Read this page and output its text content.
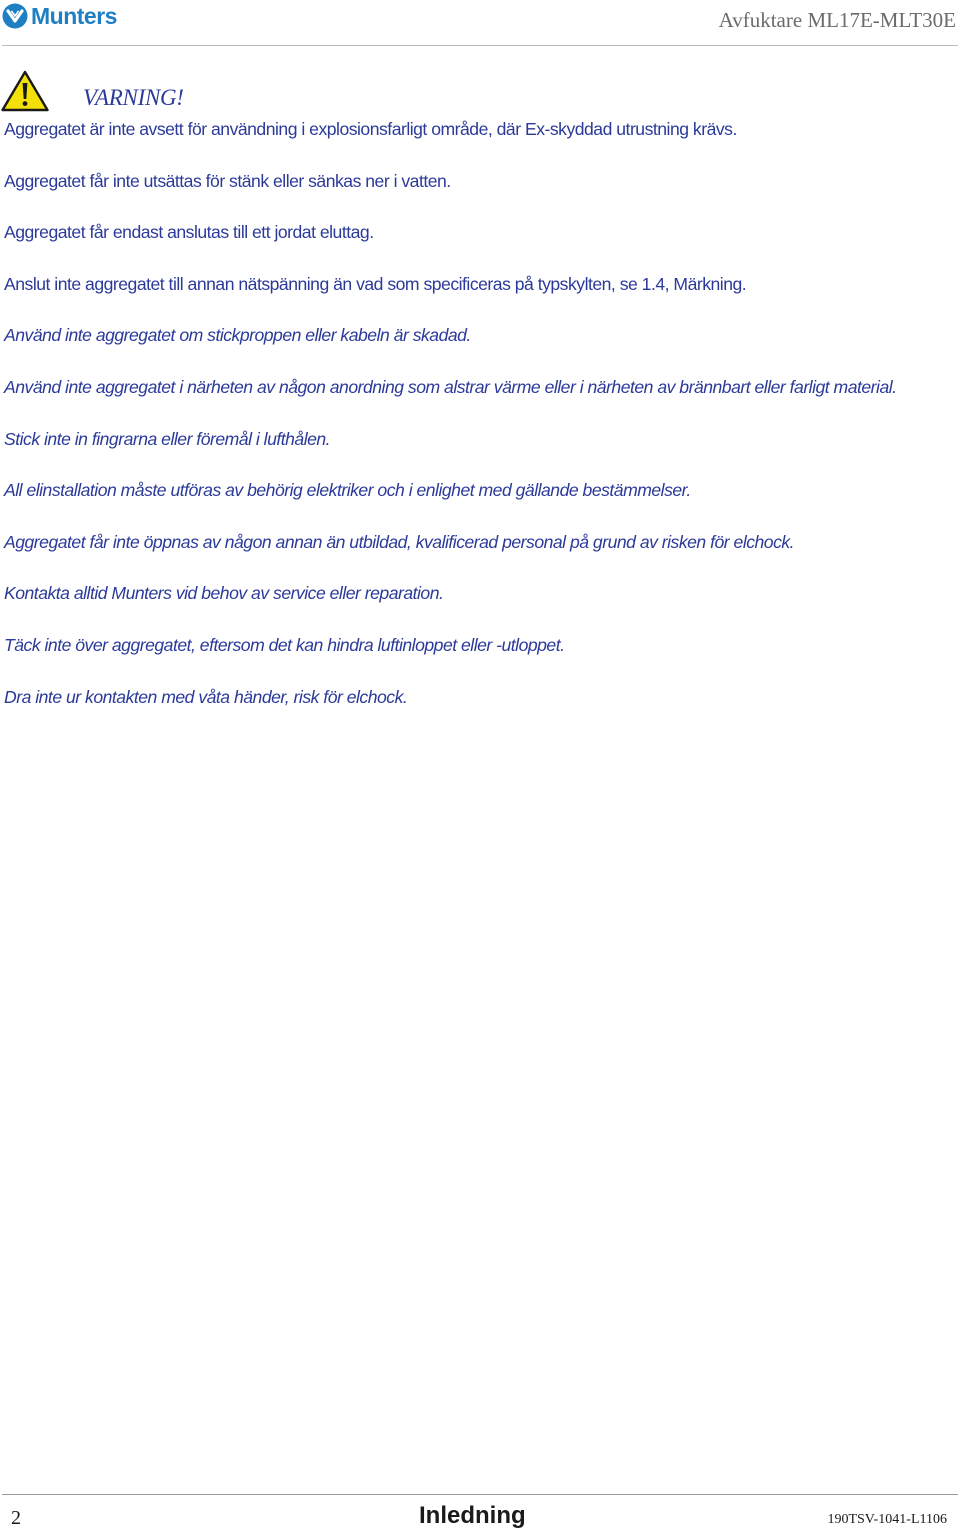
Munters	Avfuktare ML17E-MLT30E
VARNING!
Aggregatet är inte avsett för användning i explosionsfarligt område, där Ex-skyddad utrustning krävs.
Aggregatet får inte utsättas för stänk eller sänkas ner i vatten.
Aggregatet får endast anslutas till ett jordat eluttag.
Anslut inte aggregatet till annan nätspänning än vad som specificeras på typskylten, se 1.4, Märkning.
Använd inte aggregatet om stickproppen eller kabeln är skadad.
Använd inte aggregatet i närheten av någon anordning som alstrar värme eller i närheten av brännbart eller farligt material.
Stick inte in fingrarna eller föremål i lufthålen.
All elinstallation måste utföras av behörig elektriker och i enlighet med gällande bestämmelser.
Aggregatet får inte öppnas av någon annan än utbildad, kvalificerad personal på grund av risken för elchock.
Kontakta alltid Munters vid behov av service eller reparation.
Täck inte över aggregatet, eftersom det kan hindra luftinloppet eller -utloppet.
Dra inte ur kontakten med våta händer, risk för elchock.
2	Inledning	190TSV-1041-L1106
